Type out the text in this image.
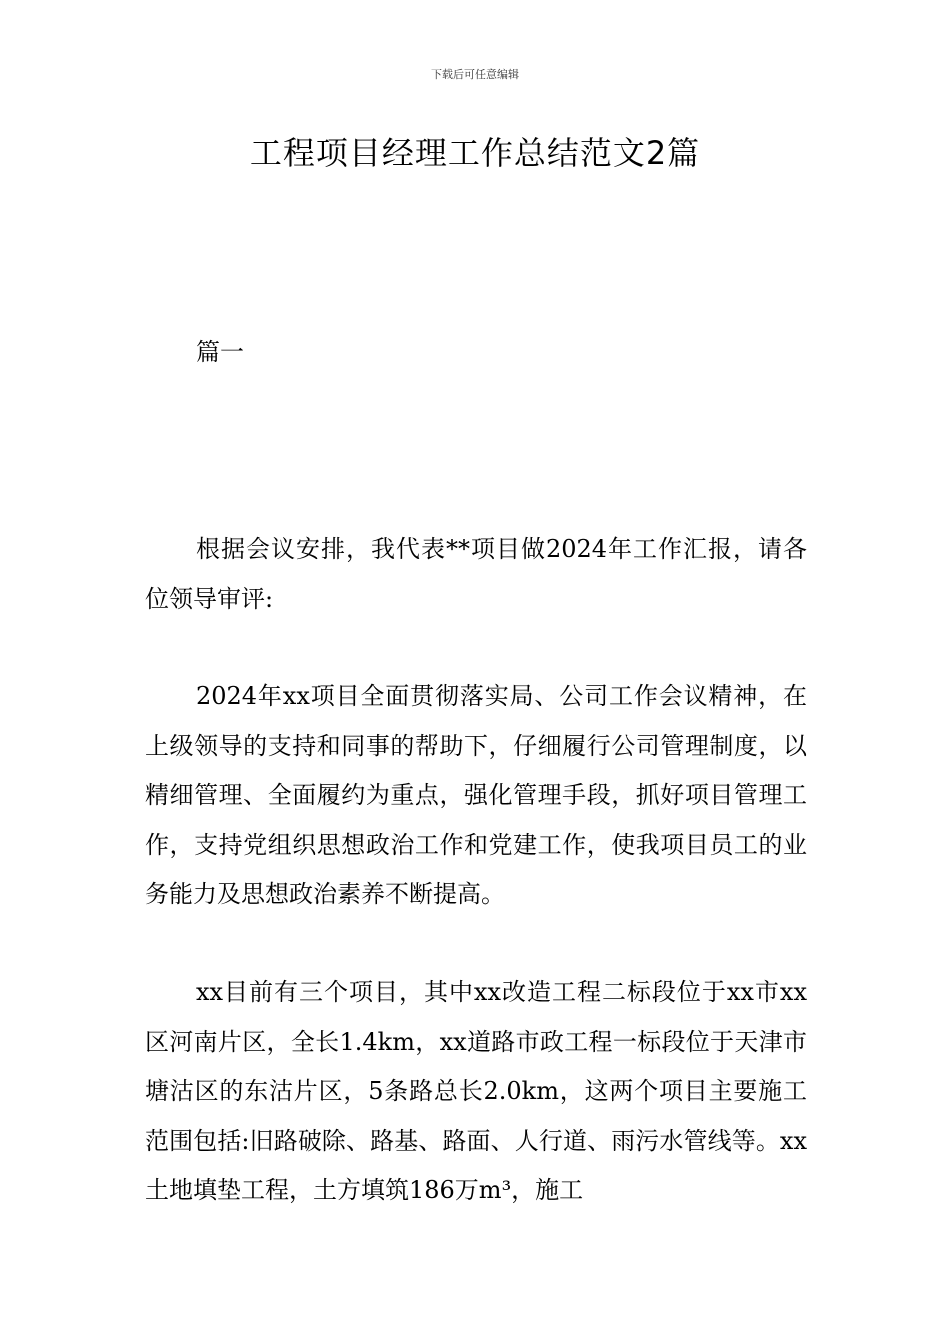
下载后可任意编辑
工程项目经理工作总结范文2篇
篇一

根据会议安排，我代表**项目做2024年工作汇报，请各位领导审评:

2024年xx项目全面贯彻落实局、公司工作会议精神，在上级领导的支持和同事的帮助下，仔细履行公司管理制度，以精细管理、全面履约为重点，强化管理手段，抓好项目管理工作，支持党组织思想政治工作和党建工作，使我项目员工的业务能力及思想政治素养不断提高。

xx目前有三个项目，其中xx改造工程二标段位于xx市xx区河南片区，全长1.4km，xx道路市政工程一标段位于天津市塘沽区的东沽片区，5条路总长2.0km，这两个项目主要施工范围包括:旧路破除、路基、路面、人行道、雨污水管线等。xx土地填垫工程，土方填筑186万m³，施工
